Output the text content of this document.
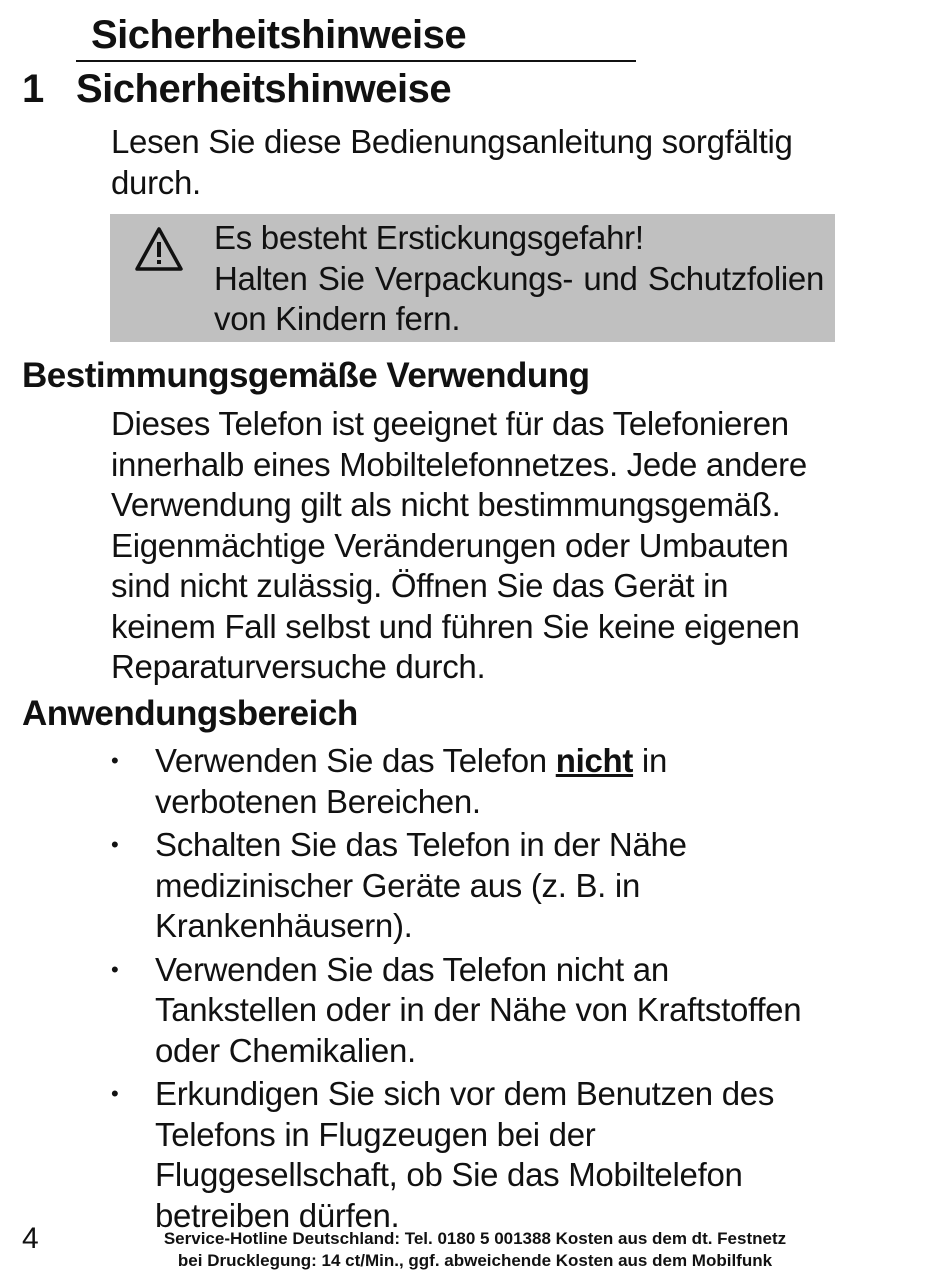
Sicherheitshinweise
1 Sicherheitshinweise
Lesen Sie diese Bedienungsanleitung sorgfältig durch.
Es besteht Erstickungsgefahr!

Halten Sie Verpackungs- und Schutzfolien
von Kindern fern.
Bestimmungsgemäße Verwendung
Dieses Telefon ist geeignet für das Telefonieren innerhalb eines Mobiltelefonnetzes. Jede andere Verwendung gilt als nicht bestimmungsgemäß. Eigenmächtige Veränderungen oder Umbauten sind nicht zulässig. Öffnen Sie das Gerät in keinem Fall selbst und führen Sie keine eigenen Reparaturversuche durch.
Anwendungsbereich
• Verwenden Sie das Telefon nicht in verbotenen Bereichen.
• Schalten Sie das Telefon in der Nähe medizinischer Geräte aus (z. B. in Krankenhäusern).
• Verwenden Sie das Telefon nicht an Tankstellen oder in der Nähe von Kraftstoffen oder Chemikalien.
• Erkundigen Sie sich vor dem Benutzen des Telefons in Flugzeugen bei der Fluggesellschaft, ob Sie das Mobiltelefon betreiben dürfen.
4	Service-Hotline Deutschland: Tel. 0180 5 001388 Kosten aus dem dt. Festnetz
bei Drucklegung: 14 ct/Min., ggf. abweichende Kosten aus dem Mobilfunk
